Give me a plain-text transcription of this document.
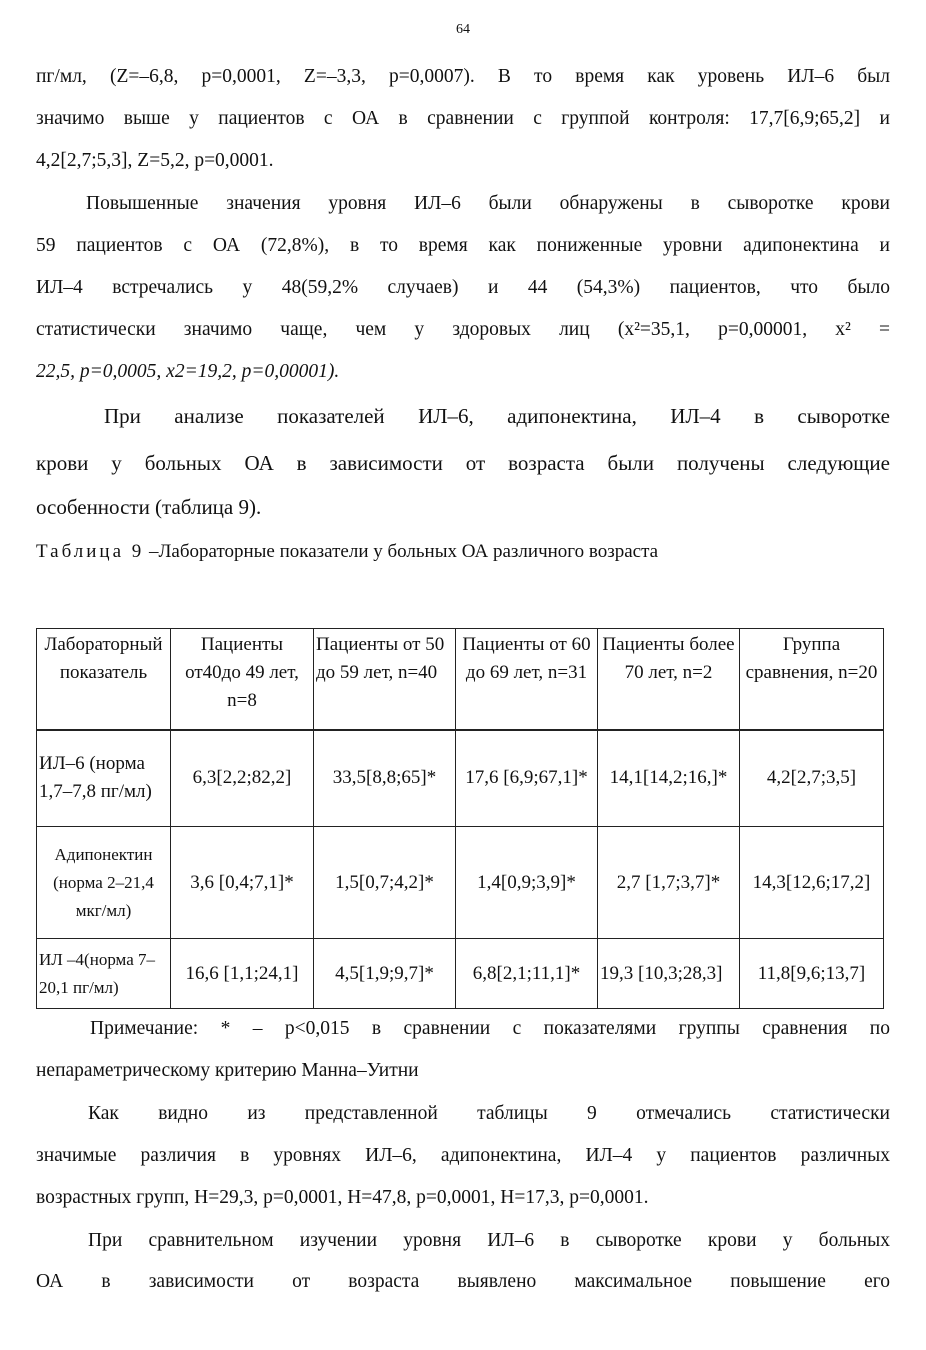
64
пг/мл, (Z=–6,8, p=0,0001, Z=–3,3, p=0,0007). В то время как уровень ИЛ–6 был
значимо выше у пациентов с ОА в сравнении с группой контроля: 17,7[6,9;65,2] и
4,2[2,7;5,3], Z=5,2, p=0,0001.
Повышенные значения уровня ИЛ–6 были обнаружены в сыворотке крови
59 пациентов с ОА (72,8%), в то время как пониженные уровни адипонектина и
ИЛ–4 встречались у 48(59,2% случаев) и 44 (54,3%) пациентов, что было
статистически значимо чаще, чем у здоровых лиц (x²=35,1, p=0,00001, x² =
22,5, p=0,0005, x2=19,2, p=0,00001).
При анализе показателей ИЛ–6, адипонектина, ИЛ–4 в сыворотке
крови у больных ОА в зависимости от возраста были получены следующие
особенности (таблица 9).
Таблица 9 –Лабораторные показатели у больных ОА различного возраста
Лабораторный показатель	Пациенты от40до 49 лет, n=8	Пациенты от 50 до 59 лет, n=40	Пациенты от 60 до 69 лет, n=31	Пациенты более 70 лет, n=2	Группа сравнения, n=20
ИЛ–6 (норма 1,7–7,8 пг/мл)	6,3[2,2;82,2]	33,5[8,8;65]*	17,6 [6,9;67,1]*	14,1[14,2;16,]*	4,2[2,7;3,5]
Адипонектин (норма 2–21,4 мкг/мл)	3,6 [0,4;7,1]*	1,5[0,7;4,2]*	1,4[0,9;3,9]*	2,7 [1,7;3,7]*	14,3[12,6;17,2]
ИЛ –4(норма 7–20,1 пг/мл)	16,6 [1,1;24,1]	4,5[1,9;9,7]*	6,8[2,1;11,1]*	19,3 [10,3;28,3]	11,8[9,6;13,7]
Примечание: * – p<0,015 в сравнении с показателями группы сравнения по
непараметрическому критерию Манна–Уитни
Как видно из представленной таблицы 9 отмечались статистически
значимые различия в уровнях ИЛ–6, адипонектина, ИЛ–4 у пациентов различных
возрастных групп, H=29,3, p=0,0001, H=47,8, p=0,0001, H=17,3, p=0,0001.
При сравнительном изучении уровня ИЛ–6 в сыворотке крови у больных
ОА в зависимости от возраста выявлено максимальное повышение его
